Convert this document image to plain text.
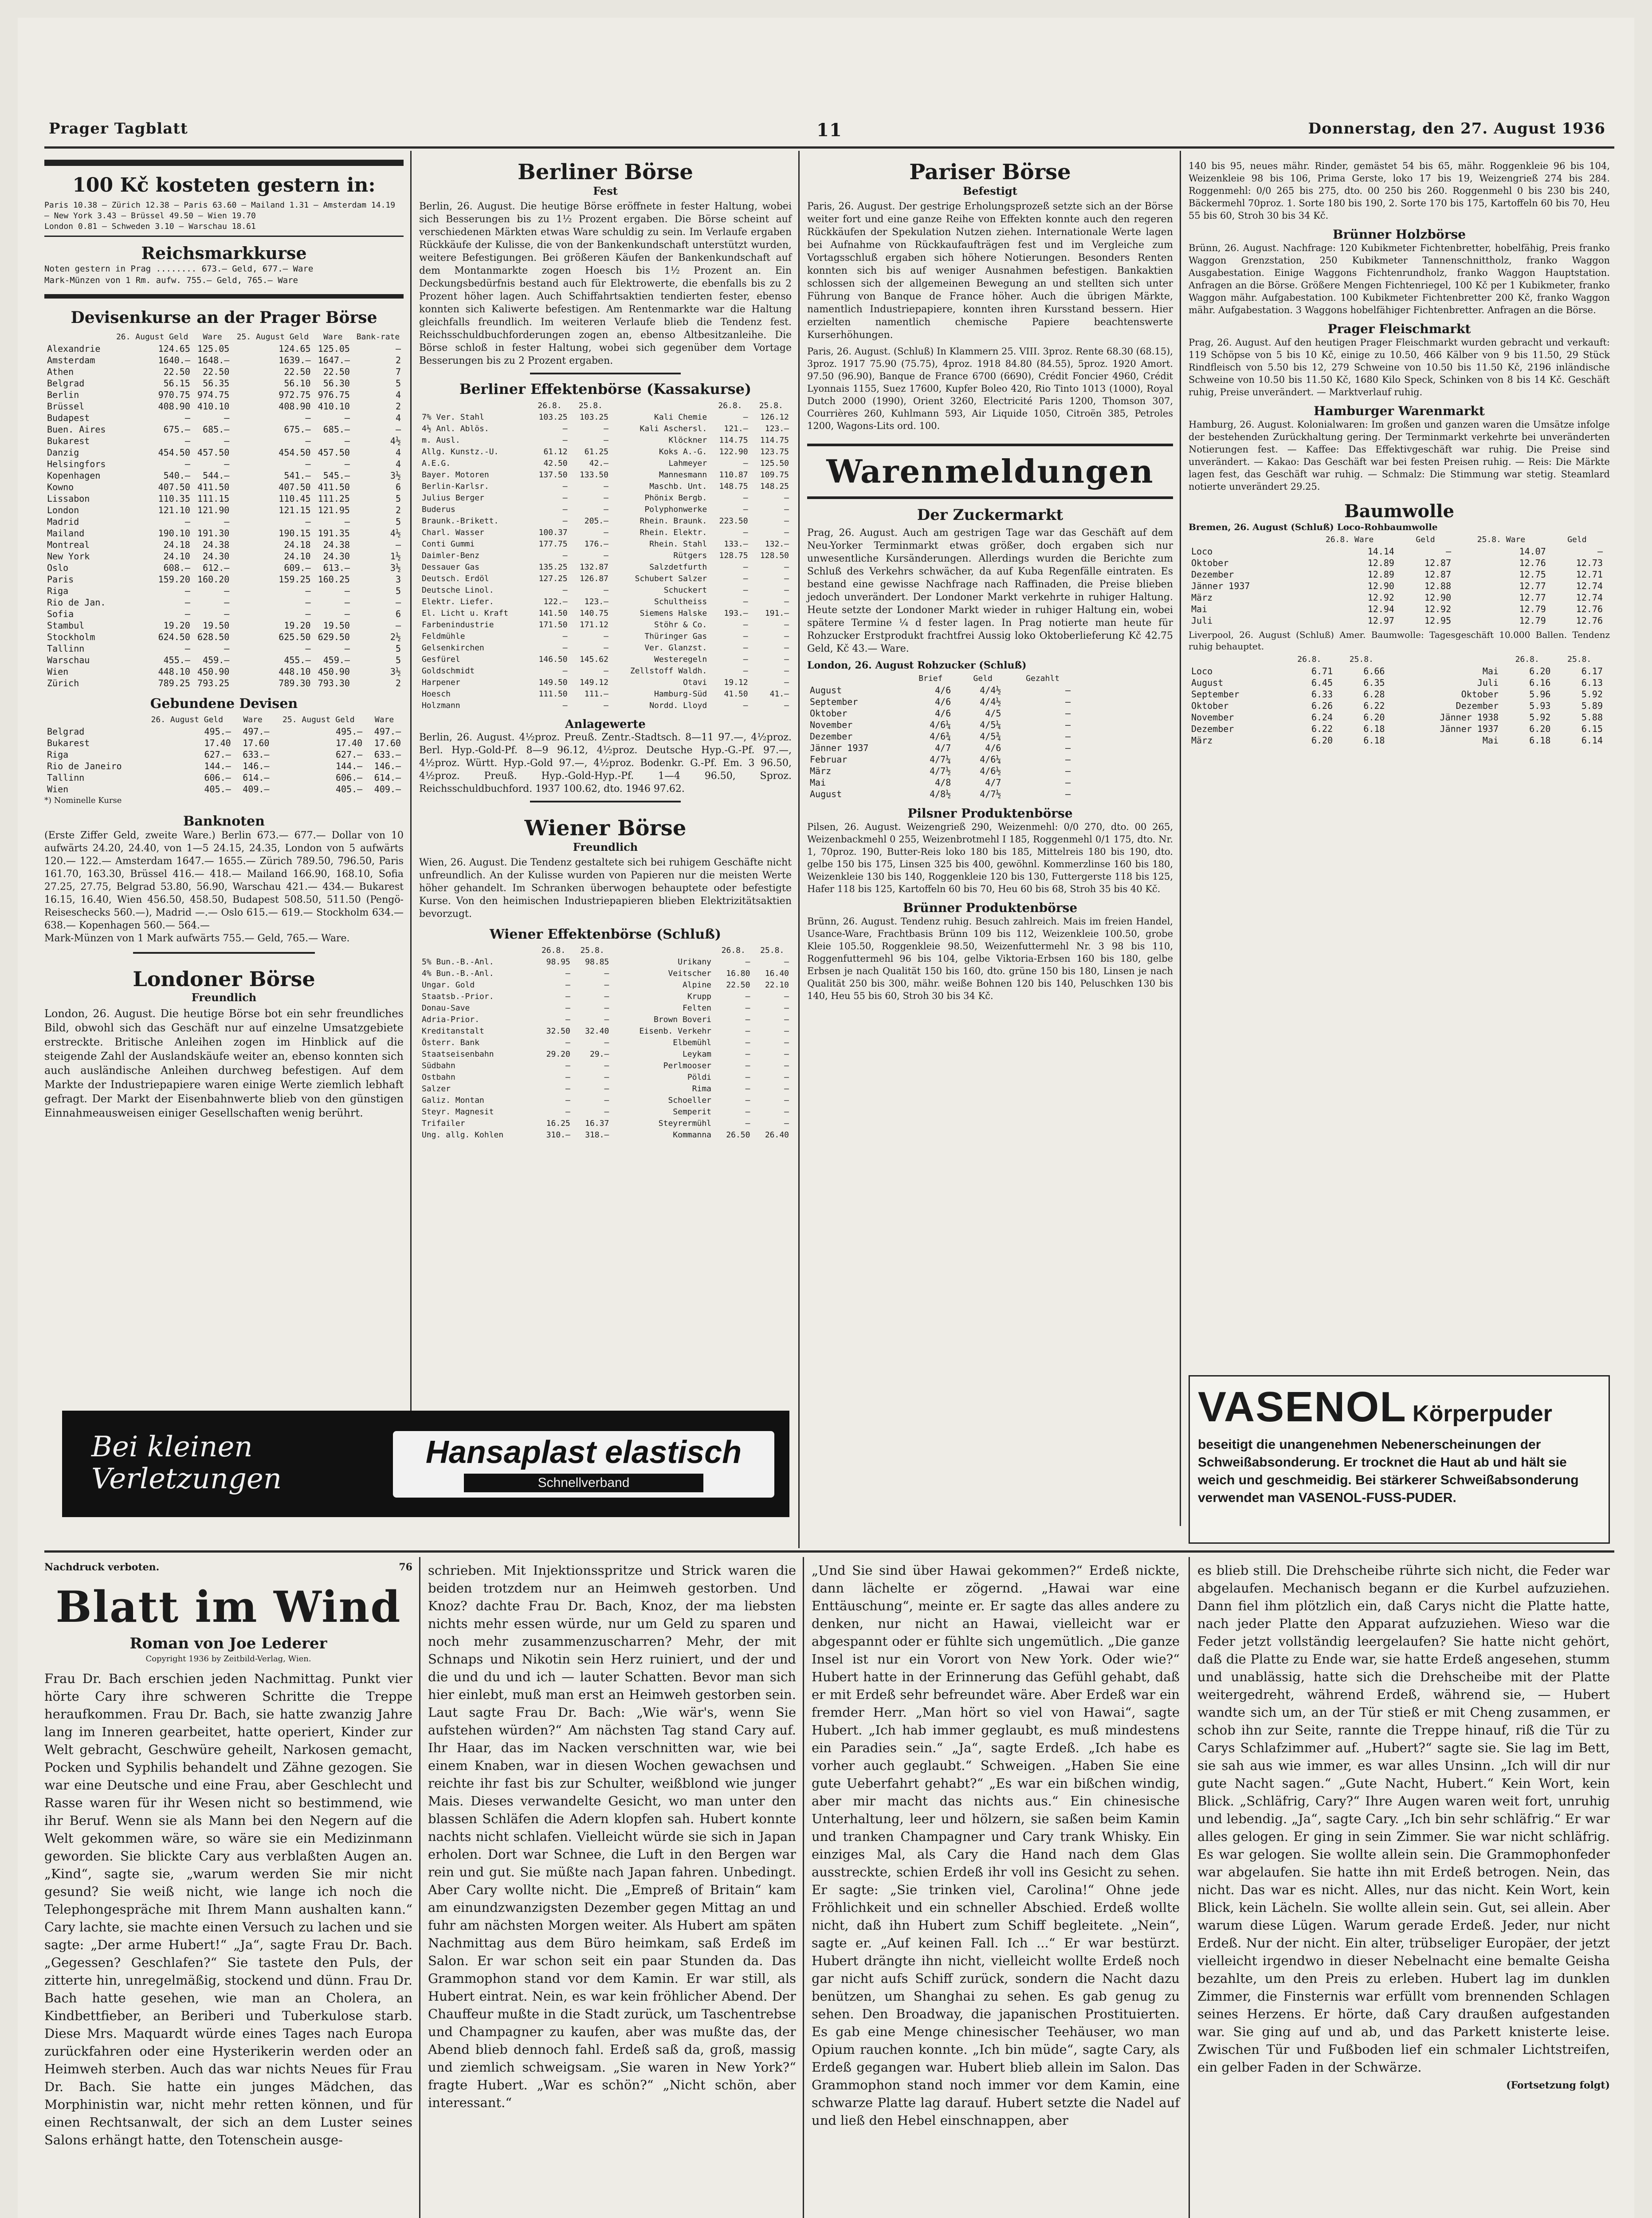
Prager Tagblatt	11	Donnerstag, den 27. August 1936
100 Kč kosteten gestern in:
Paris 10.38 — Zürich 12.38 — Paris 63.60 — Mailand 1.31 — Amsterdam 14.19 — New York 3.43 — Brüssel 49.50 — Wien 19.70
London 0.81 — Schweden 3.10 — Warschau 18.61
Reichsmarkkurse
Noten gestern in Prag ........ 673.— Geld, 677.— Ware
Mark-Münzen von 1 Rm. aufw. 755.— Geld, 765.— Ware
Devisenkurse an der Prager Börse
	26. August Geld	Ware	25. August Geld	Ware	Bank-rate
Alexandrie	124.65	125.05	124.65	125.05	—
Amsterdam	1640.—	1648.—	1639.—	1647.—	2
Athen	22.50	22.50	22.50	22.50	7
Belgrad	56.15	56.35	56.10	56.30	5
Berlin	970.75	974.75	972.75	976.75	4
Brüssel	408.90	410.10	408.90	410.10	2
Budapest	—	—	—	—	4
Buen. Aires	675.—	685.—	675.—	685.—	—
Bukarest	—	—	—	—	4½
Danzig	454.50	457.50	454.50	457.50	4
Helsingfors	—	—	—	—	4
Kopenhagen	540.—	544.—	541.—	545.—	3½
Kowno	407.50	411.50	407.50	411.50	6
Lissabon	110.35	111.15	110.45	111.25	5
London	121.10	121.90	121.15	121.95	2
Madrid	—	—	—	—	5
Mailand	190.10	191.30	190.15	191.35	4½
Montreal	24.18	24.38	24.18	24.38	—
New York	24.10	24.30	24.10	24.30	1½
Oslo	608.—	612.—	609.—	613.—	3½
Paris	159.20	160.20	159.25	160.25	3
Riga	—	—	—	—	5
Rio de Jan.	—	—	—	—	—
Sofia	—	—	—	—	6
Stambul	19.20	19.50	19.20	19.50	—
Stockholm	624.50	628.50	625.50	629.50	2½
Tallinn	—	—	—	—	5
Warschau	455.—	459.—	455.—	459.—	5
Wien	448.10	450.90	448.10	450.90	3½
Zürich	789.25	793.25	789.30	793.30	2
Gebundene Devisen
	26. August Geld	Ware	25. August Geld	Ware
Belgrad	495.—	497.—	495.—	497.—
Bukarest	17.40	17.60	17.40	17.60
Riga	627.—	633.—	627.—	633.—
Rio de Janeiro	144.—	146.—	144.—	146.—
Tallinn	606.—	614.—	606.—	614.—
Wien	405.—	409.—	405.—	409.—
*) Nominelle Kurse
Banknoten
(Erste Ziffer Geld, zweite Ware.) Berlin 673.— 677.— Dollar von 10 aufwärts 24.20, 24.40, von 1—5 24.15, 24.35, London von 5 aufwärts 120.— 122.— Amsterdam 1647.— 1655.— Zürich 789.50, 796.50, Paris 161.70, 163.30, Brüssel 416.— 418.— Mailand 166.90, 168.10, Sofia 27.25, 27.75, Belgrad 53.80, 56.90, Warschau 421.— 434.— Bukarest 16.15, 16.40, Wien 456.50, 458.50, Budapest 508.50, 511.50 (Pengö-Reiseschecks 560.—), Madrid —.— Oslo 615.— 619.— Stockholm 634.— 638.— Kopenhagen 560.— 564.—
Mark-Münzen von 1 Mark aufwärts 755.— Geld, 765.— Ware.
Londoner Börse
Freundlich
London, 26. August. Die heutige Börse bot ein sehr freundliches Bild, obwohl sich das Geschäft nur auf einzelne Umsatzgebiete erstreckte. Britische Anleihen zogen im Hinblick auf die steigende Zahl der Auslandskäufe weiter an, ebenso konnten sich auch ausländische Anleihen durchweg befestigen. Auf dem Markte der Industriepapiere waren einige Werte ziemlich lebhaft gefragt. Der Markt der Eisenbahnwerte blieb von den günstigen Einnahmeausweisen einiger Gesellschaften wenig berührt.
Berliner Börse
Fest
Berlin, 26. August. Die heutige Börse eröffnete in fester Haltung, wobei sich Besserungen bis zu 1½ Prozent ergaben. Die Börse scheint auf verschiedenen Märkten etwas Ware schuldig zu sein. Im Verlaufe ergaben Rückkäufe der Kulisse, die von der Bankenkundschaft unterstützt wurden, weitere Befestigungen. Bei größeren Käufen der Bankenkundschaft auf dem Montanmarkte zogen Hoesch bis 1½ Prozent an. Ein Deckungsbedürfnis bestand auch für Elektrowerte, die ebenfalls bis zu 2 Prozent höher lagen. Auch Schiffahrtsaktien tendierten fester, ebenso konnten sich Kaliwerte befestigen. Am Rentenmarkte war die Haltung gleichfalls freundlich. Im weiteren Verlaufe blieb die Tendenz fest. Reichsschuldbuchforderungen zogen an, ebenso Altbesitzanleihe. Die Börse schloß in fester Haltung, wobei sich gegenüber dem Vortage Besserungen bis zu 2 Prozent ergaben.
Berliner Effektenbörse (Kassakurse)
	26.8.	25.8.		26.8.	25.8.
7% Ver. Stahl	103.25	103.25	Kali Chemie	—	126.12
4½ Anl. Ablös.	—	—	Kali Aschersl.	121.—	123.—
m. Ausl.	—	—	Klöckner	114.75	114.75
Allg. Kunstz.-U.	61.12	61.25	Koks A.-G.	122.90	123.75
A.E.G.	42.50	42.—	Lahmeyer	—	125.50
Bayer. Motoren	137.50	133.50	Mannesmann	110.87	109.75
Berlin-Karlsr.	—	—	Maschb. Unt.	148.75	148.25
Julius Berger	—	—	Phönix Bergb.	—	—
Buderus	—	—	Polyphonwerke	—	—
Braunk.-Brikett.	—	205.—	Rhein. Braunk.	223.50	—
Charl. Wasser	100.37	—	Rhein. Elektr.	—	—
Conti Gummi	177.75	176.—	Rhein. Stahl	133.—	132.—
Daimler-Benz	—	—	Rütgers	128.75	128.50
Dessauer Gas	135.25	132.87	Salzdetfurth	—	—
Deutsch. Erdöl	127.25	126.87	Schubert Salzer	—	—
Deutsche Linol.	—	—	Schuckert	—	—
Elektr. Liefer.	122.—	123.—	Schultheiss	—	—
El. Licht u. Kraft	141.50	140.75	Siemens Halske	193.—	191.—
Farbenindustrie	171.50	171.12	Stöhr & Co.	—	—
Feldmühle	—	—	Thüringer Gas	—	—
Gelsenkirchen	—	—	Ver. Glanzst.	—	—
Gesfürel	146.50	145.62	Westeregeln	—	—
Goldschmidt	—	—	Zellstoff Waldh.	—	—
Harpener	149.50	149.12	Otavi	19.12	—
Hoesch	111.50	111.—	Hamburg-Süd	41.50	41.—
Holzmann	—	—	Nordd. Lloyd	—	—
Anlagewerte
Berlin, 26. August. 4½proz. Preuß. Zentr.-Stadtsch. 8—11 97.—, 4½proz. Berl. Hyp.-Gold-Pf. 8—9 96.12, 4½proz. Deutsche Hyp.-G.-Pf. 97.—, 4½proz. Württ. Hyp.-Gold 97.—, 4½proz. Bodenkr. G.-Pf. Em. 3 96.50, 4½proz. Preuß. Hyp.-Gold-Hyp.-Pf. 1—4 96.50, Sproz. Reichsschuldbuchford. 1937 100.62, dto. 1946 97.62.
Wiener Börse
Freundlich
Wien, 26. August. Die Tendenz gestaltete sich bei ruhigem Geschäfte nicht unfreundlich. An der Kulisse wurden von Papieren nur die meisten Werte höher gehandelt. Im Schranken überwogen behauptete oder befestigte Kurse. Von den heimischen Industriepapieren blieben Elektrizitätsaktien bevorzugt.
Wiener Effektenbörse (Schluß)
	26.8.	25.8.		26.8.	25.8.
5% Bun.-B.-Anl.	98.95	98.85	Urikany	—	—
4% Bun.-B.-Anl.	—	—	Veitscher	16.80	16.40
Ungar. Gold	—	—	Alpine	22.50	22.10
Staatsb.-Prior.	—	—	Krupp	—	—
Donau-Save	—	—	Felten	—	—
Adria-Prior.	—	—	Brown Boveri	—	—
Kreditanstalt	32.50	32.40	Eisenb. Verkehr	—	—
Österr. Bank	—	—	Elbemühl	—	—
Staatseisenbahn	29.20	29.—	Leykam	—	—
Südbahn	—	—	Perlmooser	—	—
Ostbahn	—	—	Pöldi	—	—
Salzer	—	—	Rima	—	—
Galiz. Montan	—	—	Schoeller	—	—
Steyr. Magnesit	—	—	Semperit	—	—
Trifailer	16.25	16.37	Steyrermühl	—	—
Ung. allg. Kohlen	310.—	318.—	Kommanna	26.50	26.40
Pariser Börse
Befestigt
Paris, 26. August. Der gestrige Erholungsprozeß setzte sich an der Börse weiter fort und eine ganze Reihe von Effekten konnte auch den regeren Rückkäufen der Spekulation Nutzen ziehen. Internationale Werte lagen bei Aufnahme von Rückkaufaufträgen fest und im Vergleiche zum Vortagsschluß ergaben sich höhere Notierungen. Besonders Renten konnten sich bis auf weniger Ausnahmen befestigen. Bankaktien schlossen sich der allgemeinen Bewegung an und stellten sich unter Führung von Banque de France höher. Auch die übrigen Märkte, namentlich Industriepapiere, konnten ihren Kursstand bessern. Hier erzielten namentlich chemische Papiere beachtenswerte Kurserhöhungen.
Paris, 26. August. (Schluß) In Klammern 25. VIII. 3proz. Rente 68.30 (68.15), 3proz. 1917 75.90 (75.75), 4proz. 1918 84.80 (84.55), 5proz. 1920 Amort. 97.50 (96.90), Banque de France 6700 (6690), Crédit Foncier 4960, Crédit Lyonnais 1155, Suez 17600, Kupfer Boleo 420, Rio Tinto 1013 (1000), Royal Dutch 2000 (1990), Orient 3260, Electricité Paris 1200, Thomson 307, Courrières 260, Kuhlmann 593, Air Liquide 1050, Citroën 385, Petroles 1200, Wagons-Lits ord. 100.
Warenmeldungen
Der Zuckermarkt
Prag, 26. August. Auch am gestrigen Tage war das Geschäft auf dem Neu-Yorker Terminmarkt etwas größer, doch ergaben sich nur unwesentliche Kursänderungen. Allerdings wurden die Berichte zum Schluß des Verkehrs schwächer, da auf Kuba Regenfälle eintraten. Es bestand eine gewisse Nachfrage nach Raffinaden, die Preise blieben jedoch unverändert. Der Londoner Markt verkehrte in ruhiger Haltung. Heute setzte der Londoner Markt wieder in ruhiger Haltung ein, wobei spätere Termine ¼ d fester lagen. In Prag notierte man heute für Rohzucker Erstprodukt frachtfrei Aussig loko Oktoberlieferung Kč 42.75 Geld, Kč 43.— Ware.
London, 26. August Rohzucker (Schluß)
	Brief		Geld		Gezahlt
August	4/6		4/4½		—
September	4/6		4/4½		—
Oktober	4/6		4/5		—
November	4/6¼		4/5¼		—
Dezember	4/6¾		4/5¾		—
Jänner 1937	4/7		4/6		—
Februar	4/7¼		4/6¼		—
März	4/7½		4/6½		—
Mai	4/8		4/7		—
August	4/8½		4/7½		—
Pilsner Produktenbörse
Pilsen, 26. August. Weizengrieß 290, Weizenmehl: 0/0 270, dto. 00 265, Weizenbackmehl 0 255, Weizenbrotmehl I 185, Roggenmehl 0/1 175, dto. Nr. 1, 70proz. 190, Butter-Reis loko 180 bis 185, Mittelreis 180 bis 190, dto. gelbe 150 bis 175, Linsen 325 bis 400, gewöhnl. Kommerzlinse 160 bis 180, Weizenkleie 130 bis 140, Roggenkleie 120 bis 130, Futtergerste 118 bis 125, Hafer 118 bis 125, Kartoffeln 60 bis 70, Heu 60 bis 68, Stroh 35 bis 40 Kč.
Brünner Produktenbörse
Brünn, 26. August. Tendenz ruhig. Besuch zahlreich. Mais im freien Handel, Usance-Ware, Frachtbasis Brünn 109 bis 112, Weizenkleie 100.50, grobe Kleie 105.50, Roggenkleie 98.50, Weizenfuttermehl Nr. 3 98 bis 110, Roggenfuttermehl 96 bis 104, gelbe Viktoria-Erbsen 160 bis 180, gelbe Erbsen je nach Qualität 150 bis 160, dto. grüne 150 bis 180, Linsen je nach Qualität 250 bis 300, mähr. weiße Bohnen 120 bis 140, Peluschken 130 bis 140, Heu 55 bis 60, Stroh 30 bis 34 Kč.
140 bis 95, neues mähr. Rinder, gemästet 54 bis 65, mähr. Roggenkleie 96 bis 104, Weizenkleie 98 bis 106, Prima Gerste, loko 17 bis 19, Weizengrieß 274 bis 284. Roggenmehl: 0/0 265 bis 275, dto. 00 250 bis 260. Roggenmehl 0 bis 230 bis 240, Bäckermehl 70proz. 1. Sorte 180 bis 190, 2. Sorte 170 bis 175, Kartoffeln 60 bis 70, Heu 55 bis 60, Stroh 30 bis 34 Kč.
Brünner Holzbörse
Brünn, 26. August. Nachfrage: 120 Kubikmeter Fichtenbretter, hobelfähig, Preis franko Waggon Grenzstation, 250 Kubikmeter Tannenschnittholz, franko Waggon Ausgabestation. Einige Waggons Fichtenrundholz, franko Waggon Hauptstation. Anfragen an die Börse. Größere Mengen Fichtenriegel, 100 Kč per 1 Kubikmeter, franko Waggon mähr. Aufgabestation. 100 Kubikmeter Fichtenbretter 200 Kč, franko Waggon mähr. Aufgabestation. 3 Waggons hobelfähiger Fichtenbretter. Anfragen an die Börse.
Prager Fleischmarkt
Prag, 26. August. Auf den heutigen Prager Fleischmarkt wurden gebracht und verkauft: 119 Schöpse von 5 bis 10 Kč, einige zu 10.50, 466 Kälber von 9 bis 11.50, 29 Stück Rindfleisch von 5.50 bis 12, 279 Schweine von 10.50 bis 11.50 Kč, 2196 inländische Schweine von 10.50 bis 11.50 Kč, 1680 Kilo Speck, Schinken von 8 bis 14 Kč. Geschäft ruhig, Preise unverändert. — Marktverlauf ruhig.
Hamburger Warenmarkt
Hamburg, 26. August. Kolonialwaren: Im großen und ganzen waren die Umsätze infolge der bestehenden Zurückhaltung gering. Der Terminmarkt verkehrte bei unveränderten Notierungen fest. — Kaffee: Das Effektivgeschäft war ruhig. Die Preise sind unverändert. — Kakao: Das Geschäft war bei festen Preisen ruhig. — Reis: Die Märkte lagen fest, das Geschäft war ruhig. — Schmalz: Die Stimmung war stetig. Steamlard notierte unverändert 29.25.
Baumwolle
Bremen, 26. August (Schluß) Loco-Rohbaumwolle
	26.8. Ware	Geld	25.8. Ware	Geld
Loco	14.14	—	14.07	—
Oktober	12.89	12.87	12.76	12.73
Dezember	12.89	12.87	12.75	12.71
Jänner 1937	12.90	12.88	12.77	12.74
März	12.92	12.90	12.77	12.74
Mai	12.94	12.92	12.79	12.76
Juli	12.97	12.95	12.79	12.76
Liverpool, 26. August (Schluß) Amer. Baumwolle: Tagesgeschäft 10.000 Ballen. Tendenz ruhig behauptet.
	26.8.	25.8.		26.8.	25.8.
Loco	6.71	6.66	Mai	6.20	6.17
August	6.45	6.35	Juli	6.16	6.13
September	6.33	6.28	Oktober	5.96	5.92
Oktober	6.26	6.22	Dezember	5.93	5.89
November	6.24	6.20	Jänner 1938	5.92	5.88
Dezember	6.22	6.18	Jänner 1937	6.20	6.15
März	6.20	6.18	Mai	6.18	6.14
VASENOL Körperpuder
beseitigt die unangenehmen Nebenerscheinungen der Schweißabsonderung. Er trocknet die Haut ab und hält sie weich und geschmeidig. Bei stärkerer Schweißabsonderung verwendet man VASENOL-FUSS-PUDER.
Bei kleinen Verletzungen
Hansaplast elastisch
Schnellverband
Nachdruck verboten.	76
Blatt im Wind
Roman von Joe Lederer
Copyright 1936 by Zeitbild-Verlag, Wien.
Frau Dr. Bach erschien jeden Nachmittag. Punkt vier hörte Cary ihre schweren Schritte die Treppe heraufkommen. Frau Dr. Bach, sie hatte zwanzig Jahre lang im Inneren gearbeitet, hatte operiert, Kinder zur Welt gebracht, Geschwüre geheilt, Narkosen gemacht, Pocken und Syphilis behandelt und Zähne gezogen. Sie war eine Deutsche und eine Frau, aber Geschlecht und Rasse waren für ihr Wesen nicht so bestimmend, wie ihr Beruf. Wenn sie als Mann bei den Negern auf die Welt gekommen wäre, so wäre sie ein Medizinmann geworden. Sie blickte Cary aus verblaßten Augen an. „Kind“, sagte sie, „warum werden Sie mir nicht gesund? Sie weiß nicht, wie lange ich noch die Telephongespräche mit Ihrem Mann aushalten kann.“ Cary lachte, sie machte einen Versuch zu lachen und sie sagte: „Der arme Hubert!“ „Ja“, sagte Frau Dr. Bach. „Gegessen? Geschlafen?“ Sie tastete den Puls, der zitterte hin, unregelmäßig, stockend und dünn. Frau Dr. Bach hatte gesehen, wie man an Cholera, an Kindbettfieber, an Beriberi und Tuberkulose starb. Diese Mrs. Maquardt würde eines Tages nach Europa zurückfahren oder eine Hysterikerin werden oder an Heimweh sterben. Auch das war nichts Neues für Frau Dr. Bach. Sie hatte ein junges Mädchen, das Morphinistin war, nicht mehr retten können, und für einen Rechtsanwalt, der sich an dem Luster seines Salons erhängt hatte, den Totenschein ausge-
schrieben. Mit Injektionsspritze und Strick waren die beiden trotzdem nur an Heimweh gestorben. Und Knoz? dachte Frau Dr. Bach, Knoz, der ma liebsten nichts mehr essen würde, nur um Geld zu sparen und noch mehr zusammenzuscharren? Mehr, der mit Schnaps und Nikotin sein Herz ruiniert, und der und die und du und ich — lauter Schatten. Bevor man sich hier einlebt, muß man erst an Heimweh gestorben sein. Laut sagte Frau Dr. Bach: „Wie wär's, wenn Sie aufstehen würden?“ Am nächsten Tag stand Cary auf. Ihr Haar, das im Nacken verschnitten war, wie bei einem Knaben, war in diesen Wochen gewachsen und reichte ihr fast bis zur Schulter, weißblond wie junger Mais. Dieses verwandelte Gesicht, wo man unter den blassen Schläfen die Adern klopfen sah. Hubert konnte nachts nicht schlafen. Vielleicht würde sie sich in Japan erholen. Dort war Schnee, die Luft in den Bergen war rein und gut. Sie müßte nach Japan fahren. Unbedingt. Aber Cary wollte nicht. Die „Empreß of Britain“ kam am einundzwanzigsten Dezember gegen Mittag an und fuhr am nächsten Morgen weiter. Als Hubert am späten Nachmittag aus dem Büro heimkam, saß Erdeß im Salon. Er war schon seit ein paar Stunden da. Das Grammophon stand vor dem Kamin. Er war still, als Hubert eintrat. Nein, es war kein fröhlicher Abend. Der Chauffeur mußte in die Stadt zurück, um Taschentrebse und Champagner zu kaufen, aber was mußte das, der Abend blieb dennoch fahl. Erdeß saß da, groß, massig und ziemlich schweigsam. „Sie waren in New York?“ fragte Hubert. „War es schön?“ „Nicht schön, aber interessant.“
„Und Sie sind über Hawai gekommen?“ Erdeß nickte, dann lächelte er zögernd. „Hawai war eine Enttäuschung“, meinte er. Er sagte das alles andere zu denken, nur nicht an Hawai, vielleicht war er abgespannt oder er fühlte sich ungemütlich. „Die ganze Insel ist nur ein Vorort von New York. Oder wie?“ Hubert hatte in der Erinnerung das Gefühl gehabt, daß er mit Erdeß sehr befreundet wäre. Aber Erdeß war ein fremder Herr. „Man hört so viel von Hawai“, sagte Hubert. „Ich hab immer geglaubt, es muß mindestens ein Paradies sein.“ „Ja“, sagte Erdeß. „Ich habe es vorher auch geglaubt.“ Schweigen. „Haben Sie eine gute Ueberfahrt gehabt?“ „Es war ein bißchen windig, aber mir macht das nichts aus.“ Ein chinesische Unterhaltung, leer und hölzern, sie saßen beim Kamin und tranken Champagner und Cary trank Whisky. Ein einziges Mal, als Cary die Hand nach dem Glas ausstreckte, schien Erdeß ihr voll ins Gesicht zu sehen. Er sagte: „Sie trinken viel, Carolina!“ Ohne jede Fröhlichkeit und ein schneller Abschied. Erdeß wollte nicht, daß ihn Hubert zum Schiff begleitete. „Nein“, sagte er. „Auf keinen Fall. Ich ...“ Er war bestürzt. Hubert drängte ihn nicht, vielleicht wollte Erdeß noch gar nicht aufs Schiff zurück, sondern die Nacht dazu benützen, um Shanghai zu sehen. Es gab genug zu sehen. Den Broadway, die japanischen Prostituierten. Es gab eine Menge chinesischer Teehäuser, wo man Opium rauchen konnte. „Ich bin müde“, sagte Cary, als Erdeß gegangen war. Hubert blieb allein im Salon. Das Grammophon stand noch immer vor dem Kamin, eine schwarze Platte lag darauf. Hubert setzte die Nadel auf und ließ den Hebel einschnappen, aber
es blieb still. Die Drehscheibe rührte sich nicht, die Feder war abgelaufen. Mechanisch begann er die Kurbel aufzuziehen. Dann fiel ihm plötzlich ein, daß Carys nicht die Platte hatte, nach jeder Platte den Apparat aufzuziehen. Wieso war die Feder jetzt vollständig leergelaufen? Sie hatte nicht gehört, daß die Platte zu Ende war, sie hatte Erdeß angesehen, stumm und unablässig, hatte sich die Drehscheibe mit der Platte weitergedreht, während Erdeß, während sie, — Hubert wandte sich um, an der Tür stieß er mit Cheng zusammen, er schob ihn zur Seite, rannte die Treppe hinauf, riß die Tür zu Carys Schlafzimmer auf. „Hubert?“ sagte sie. Sie lag im Bett, sie sah aus wie immer, es war alles Unsinn. „Ich will dir nur gute Nacht sagen.“ „Gute Nacht, Hubert.“ Kein Wort, kein Blick. „Schläfrig, Cary?“ Ihre Augen waren weit fort, unruhig und lebendig. „Ja“, sagte Cary. „Ich bin sehr schläfrig.“ Er war alles gelogen. Er ging in sein Zimmer. Sie war nicht schläfrig. Es war gelogen. Sie wollte allein sein. Die Grammophonfeder war abgelaufen. Sie hatte ihn mit Erdeß betrogen. Nein, das nicht. Das war es nicht. Alles, nur das nicht. Kein Wort, kein Blick, kein Lächeln. Sie wollte allein sein. Gut, sei allein. Aber warum diese Lügen. Warum gerade Erdeß. Jeder, nur nicht Erdeß. Nur der nicht. Ein alter, trübseliger Europäer, der jetzt vielleicht irgendwo in dieser Nebelnacht eine bemalte Geisha bezahlte, um den Preis zu erleben. Hubert lag im dunklen Zimmer, die Finsternis war erfüllt vom brennenden Schlagen seines Herzens. Er hörte, daß Cary draußen aufgestanden war. Sie ging auf und ab, und das Parkett knisterte leise. Zwischen Tür und Fußboden lief ein schmaler Lichtstreifen, ein gelber Faden in der Schwärze.
(Fortsetzung folgt)
